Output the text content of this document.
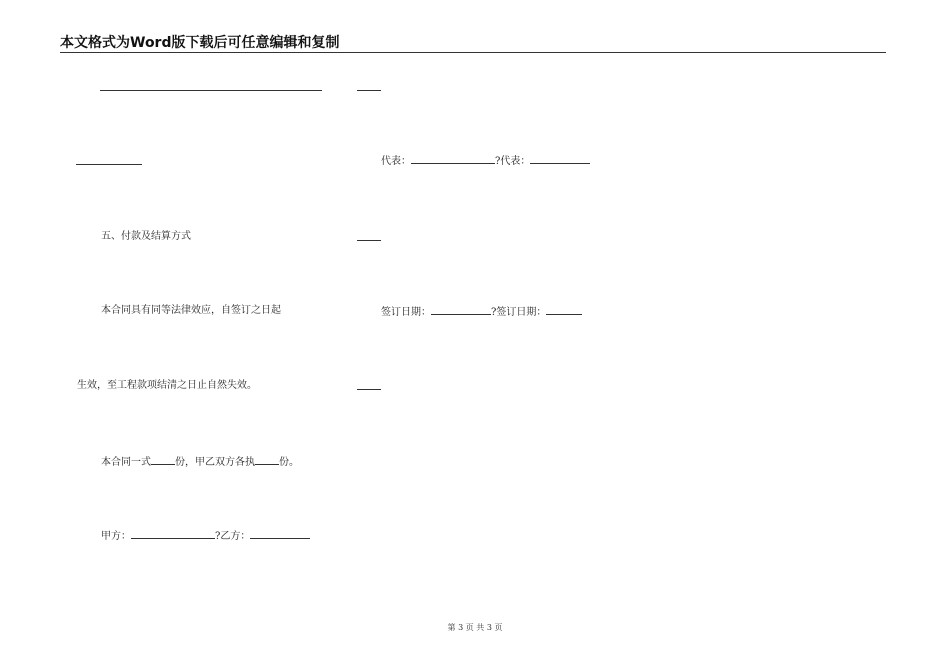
本文格式为Word版下载后可任意编辑和复制
五、付款及结算方式
本合同具有同等法律效应，自签订之日起
生效，至工程款项结清之日止自然失效。
本合同一式 份，甲乙双方各执 份。
甲方：	?乙方：
代表：	?代表：
签订日期：	?签订日期：
第 3 页 共 3 页
